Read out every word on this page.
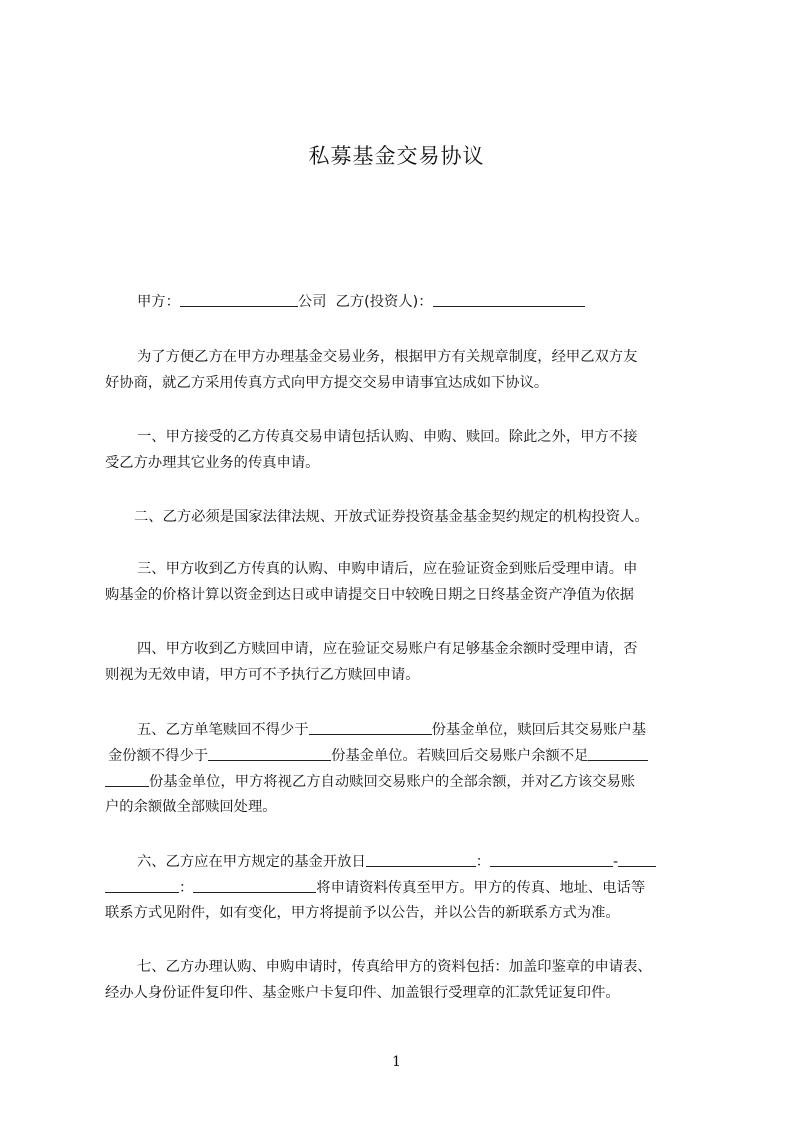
私募基金交易协议
甲方：	公司 乙方(投资人)：
为了方便乙方在甲方办理基金交易业务，根据甲方有关规章制度，经甲乙双方友
好协商，就乙方采用传真方式向甲方提交交易申请事宜达成如下协议。
一、甲方接受的乙方传真交易申请包括认购、申购、赎回。除此之外，甲方不接
受乙方办理其它业务的传真申请。
二、乙方必须是国家法律法规、开放式证券投资基金基金契约规定的机构投资人。
三、甲方收到乙方传真的认购、申购申请后，应在验证资金到账后受理申请。申
购基金的价格计算以资金到达日或申请提交日中较晚日期之日终基金资产净值为依据
四、甲方收到乙方赎回申请，应在验证交易账户有足够基金余额时受理申请，否
则视为无效申请，甲方可不予执行乙方赎回申请。
五、乙方单笔赎回不得少于	份基金单位，赎回后其交易账户基
金份额不得少于	份基金单位。若赎回后交易账户余额不足
份基金单位，甲方将视乙方自动赎回交易账户的全部余额，并对乙方该交易账
户的余额做全部赎回处理。
六、乙方应在甲方规定的基金开放日	：	-
：	将申请资料传真至甲方。甲方的传真、地址、电话等
联系方式见附件，如有变化，甲方将提前予以公告，并以公告的新联系方式为准。
七、乙方办理认购、申购申请时，传真给甲方的资料包括：加盖印鉴章的申请表、
经办人身份证件复印件、基金账户卡复印件、加盖银行受理章的汇款凭证复印件。
1
